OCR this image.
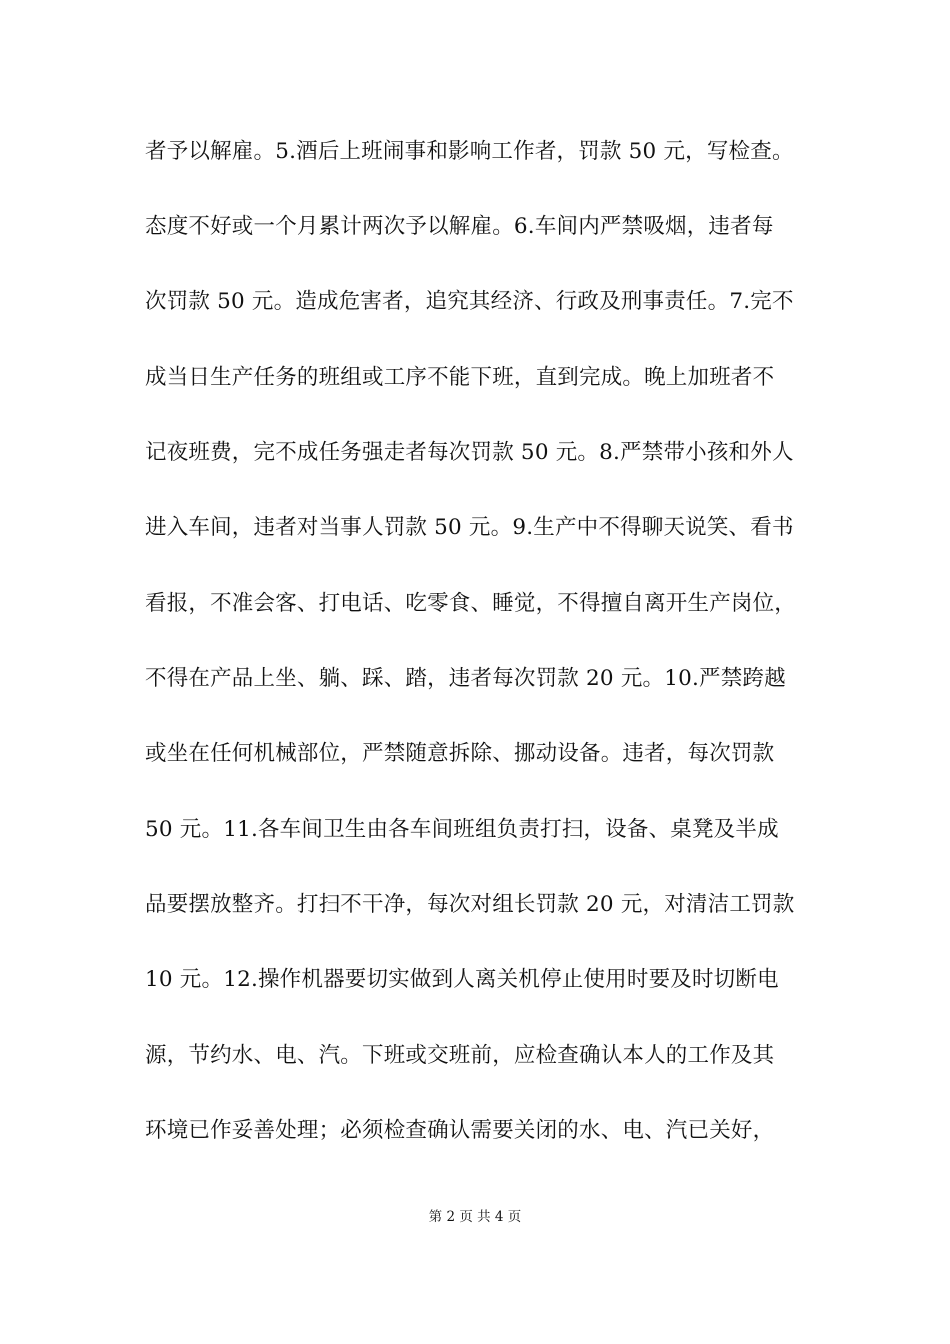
者予以解雇。5.酒后上班闹事和影响工作者，罚款 50 元，写检查。
态度不好或一个月累计两次予以解雇。6.车间内严禁吸烟，违者每
次罚款 50 元。造成危害者，追究其经济、行政及刑事责任。7.完不
成当日生产任务的班组或工序不能下班，直到完成。晚上加班者不
记夜班费，完不成任务强走者每次罚款 50 元。8.严禁带小孩和外人
进入车间，违者对当事人罚款 50 元。9.生产中不得聊天说笑、看书
看报，不准会客、打电话、吃零食、睡觉，不得擅自离开生产岗位，
不得在产品上坐、躺、踩、踏，违者每次罚款 20 元。10.严禁跨越
或坐在任何机械部位，严禁随意拆除、挪动设备。违者，每次罚款
50 元。11.各车间卫生由各车间班组负责打扫，设备、桌凳及半成
品要摆放整齐。打扫不干净，每次对组长罚款 20 元，对清洁工罚款
10 元。12.操作机器要切实做到人离关机停止使用时要及时切断电
源，节约水、电、汽。下班或交班前，应检查确认本人的工作及其
环境已作妥善处理；必须检查确认需要关闭的水、电、汽已关好，
第 2 页 共 4 页
